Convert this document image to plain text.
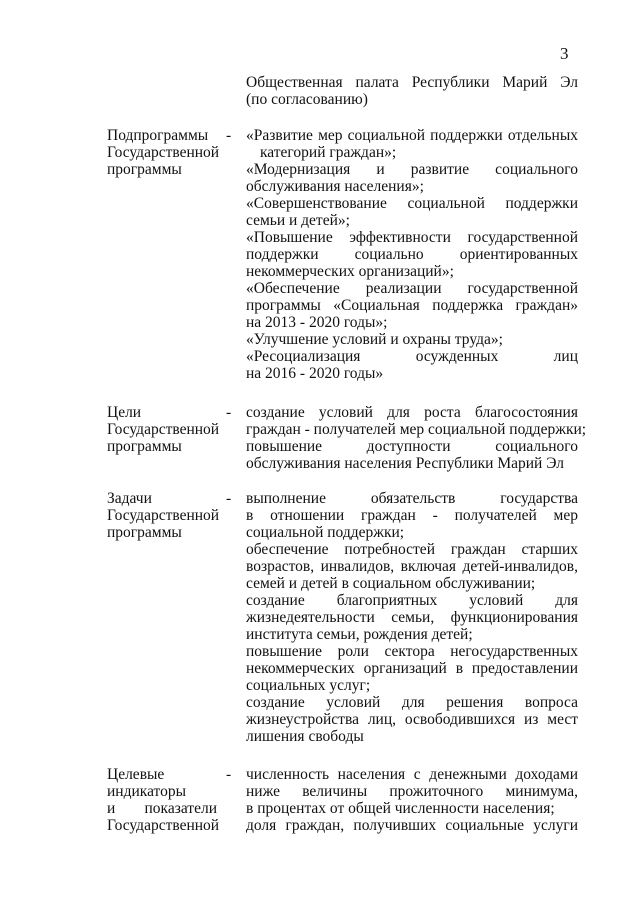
3
Общественная палата Республики Марий Эл
(по согласованию)
Подпрограммы
Государственной
программы
- «Развитие мер социальной поддержки отдельных
категорий граждан»;
«Модернизация и развитие социального
обслуживания населения»;
«Совершенствование социальной поддержки
семьи и детей»;
«Повышение эффективности государственной
поддержки социально ориентированных
некоммерческих организаций»;
«Обеспечение реализации государственной
программы «Социальная поддержка граждан»
на 2013 - 2020 годы»;
«Улучшение условий и охраны труда»;
«Ресоциализация осужденных лиц
на 2016 - 2020 годы»
Цели
Государственной
программы
- создание условий для роста благосостояния
граждан - получателей мер социальной поддержки;
повышение доступности социального
обслуживания населения Республики Марий Эл
Задачи
Государственной
программы
- выполнение обязательств государства
в отношении граждан - получателей мер
социальной поддержки;
обеспечение потребностей граждан старших
возрастов, инвалидов, включая детей-инвалидов,
семей и детей в социальном обслуживании;
создание благоприятных условий для
жизнедеятельности семьи, функционирования
института семьи, рождения детей;
повышение роли сектора негосударственных
некоммерческих организаций в предоставлении
социальных услуг;
создание условий для решения вопроса
жизнеустройства лиц, освободившихся из мест
лишения свободы
Целевые
индикаторы
и показатели
Государственной
- численность населения с денежными доходами
ниже величины прожиточного минимума,
в процентах от общей численности населения;
доля граждан, получивших социальные услуги
